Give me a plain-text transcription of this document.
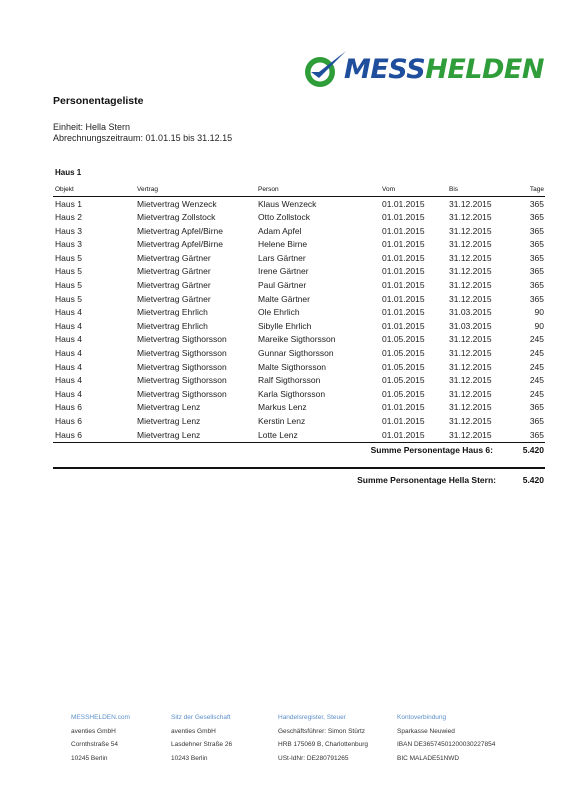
MESSHELDEN
Personentageliste
Einheit: Hella Stern
Abrechnungszeitraum: 01.01.15 bis 31.12.15
Haus 1
Objekt	Vertrag	Person	Vom	Bis	Tage
Haus 1	Mietvertrag Wenzeck	Klaus Wenzeck	01.01.2015	31.12.2015	365
Haus 2	Mietvertrag Zollstock	Otto Zollstock	01.01.2015	31.12.2015	365
Haus 3	Mietvertrag Apfel/Birne	Adam Apfel	01.01.2015	31.12.2015	365
Haus 3	Mietvertrag Apfel/Birne	Helene Birne	01.01.2015	31.12.2015	365
Haus 5	Mietvertrag Gärtner	Lars Gärtner	01.01.2015	31.12.2015	365
Haus 5	Mietvertrag Gärtner	Irene Gärtner	01.01.2015	31.12.2015	365
Haus 5	Mietvertrag Gärtner	Paul Gärtner	01.01.2015	31.12.2015	365
Haus 5	Mietvertrag Gärtner	Malte Gärtner	01.01.2015	31.12.2015	365
Haus 4	Mietvertrag Ehrlich	Ole Ehrlich	01.01.2015	31.03.2015	90
Haus 4	Mietvertrag Ehrlich	Sibylle Ehrlich	01.01.2015	31.03.2015	90
Haus 4	Mietvertrag Sigthorsson	Mareike Sigthorsson	01.05.2015	31.12.2015	245
Haus 4	Mietvertrag Sigthorsson	Gunnar Sigthorsson	01.05.2015	31.12.2015	245
Haus 4	Mietvertrag Sigthorsson	Malte Sigthorsson	01.05.2015	31.12.2015	245
Haus 4	Mietvertrag Sigthorsson	Ralf Sigthorsson	01.05.2015	31.12.2015	245
Haus 4	Mietvertrag Sigthorsson	Karla Sigthorsson	01.05.2015	31.12.2015	245
Haus 6	Mietvertrag Lenz	Markus Lenz	01.01.2015	31.12.2015	365
Haus 6	Mietvertrag Lenz	Kerstin Lenz	01.01.2015	31.12.2015	365
Haus 6	Mietvertrag Lenz	Lotte Lenz	01.01.2015	31.12.2015	365
Summe Personentage Haus 6:	5.420
Summe Personentage Hella Stern:	5.420
MESSHELDEN.com
aventies GmbH
Cornthstraße 54
10245 Berlin
Sitz der Gesellschaft
aventies GmbH
Lasdehner Straße 26
10243 Berlin
Handelsregister, Steuer
Geschäftsführer: Simon Stürtz
HRB 175069 B, Charlottenburg
USt-IdNr: DE280791265
Kontoverbindung
Sparkasse Neuwied
IBAN DE36574501200030227854
BIC MALADE51NWD
